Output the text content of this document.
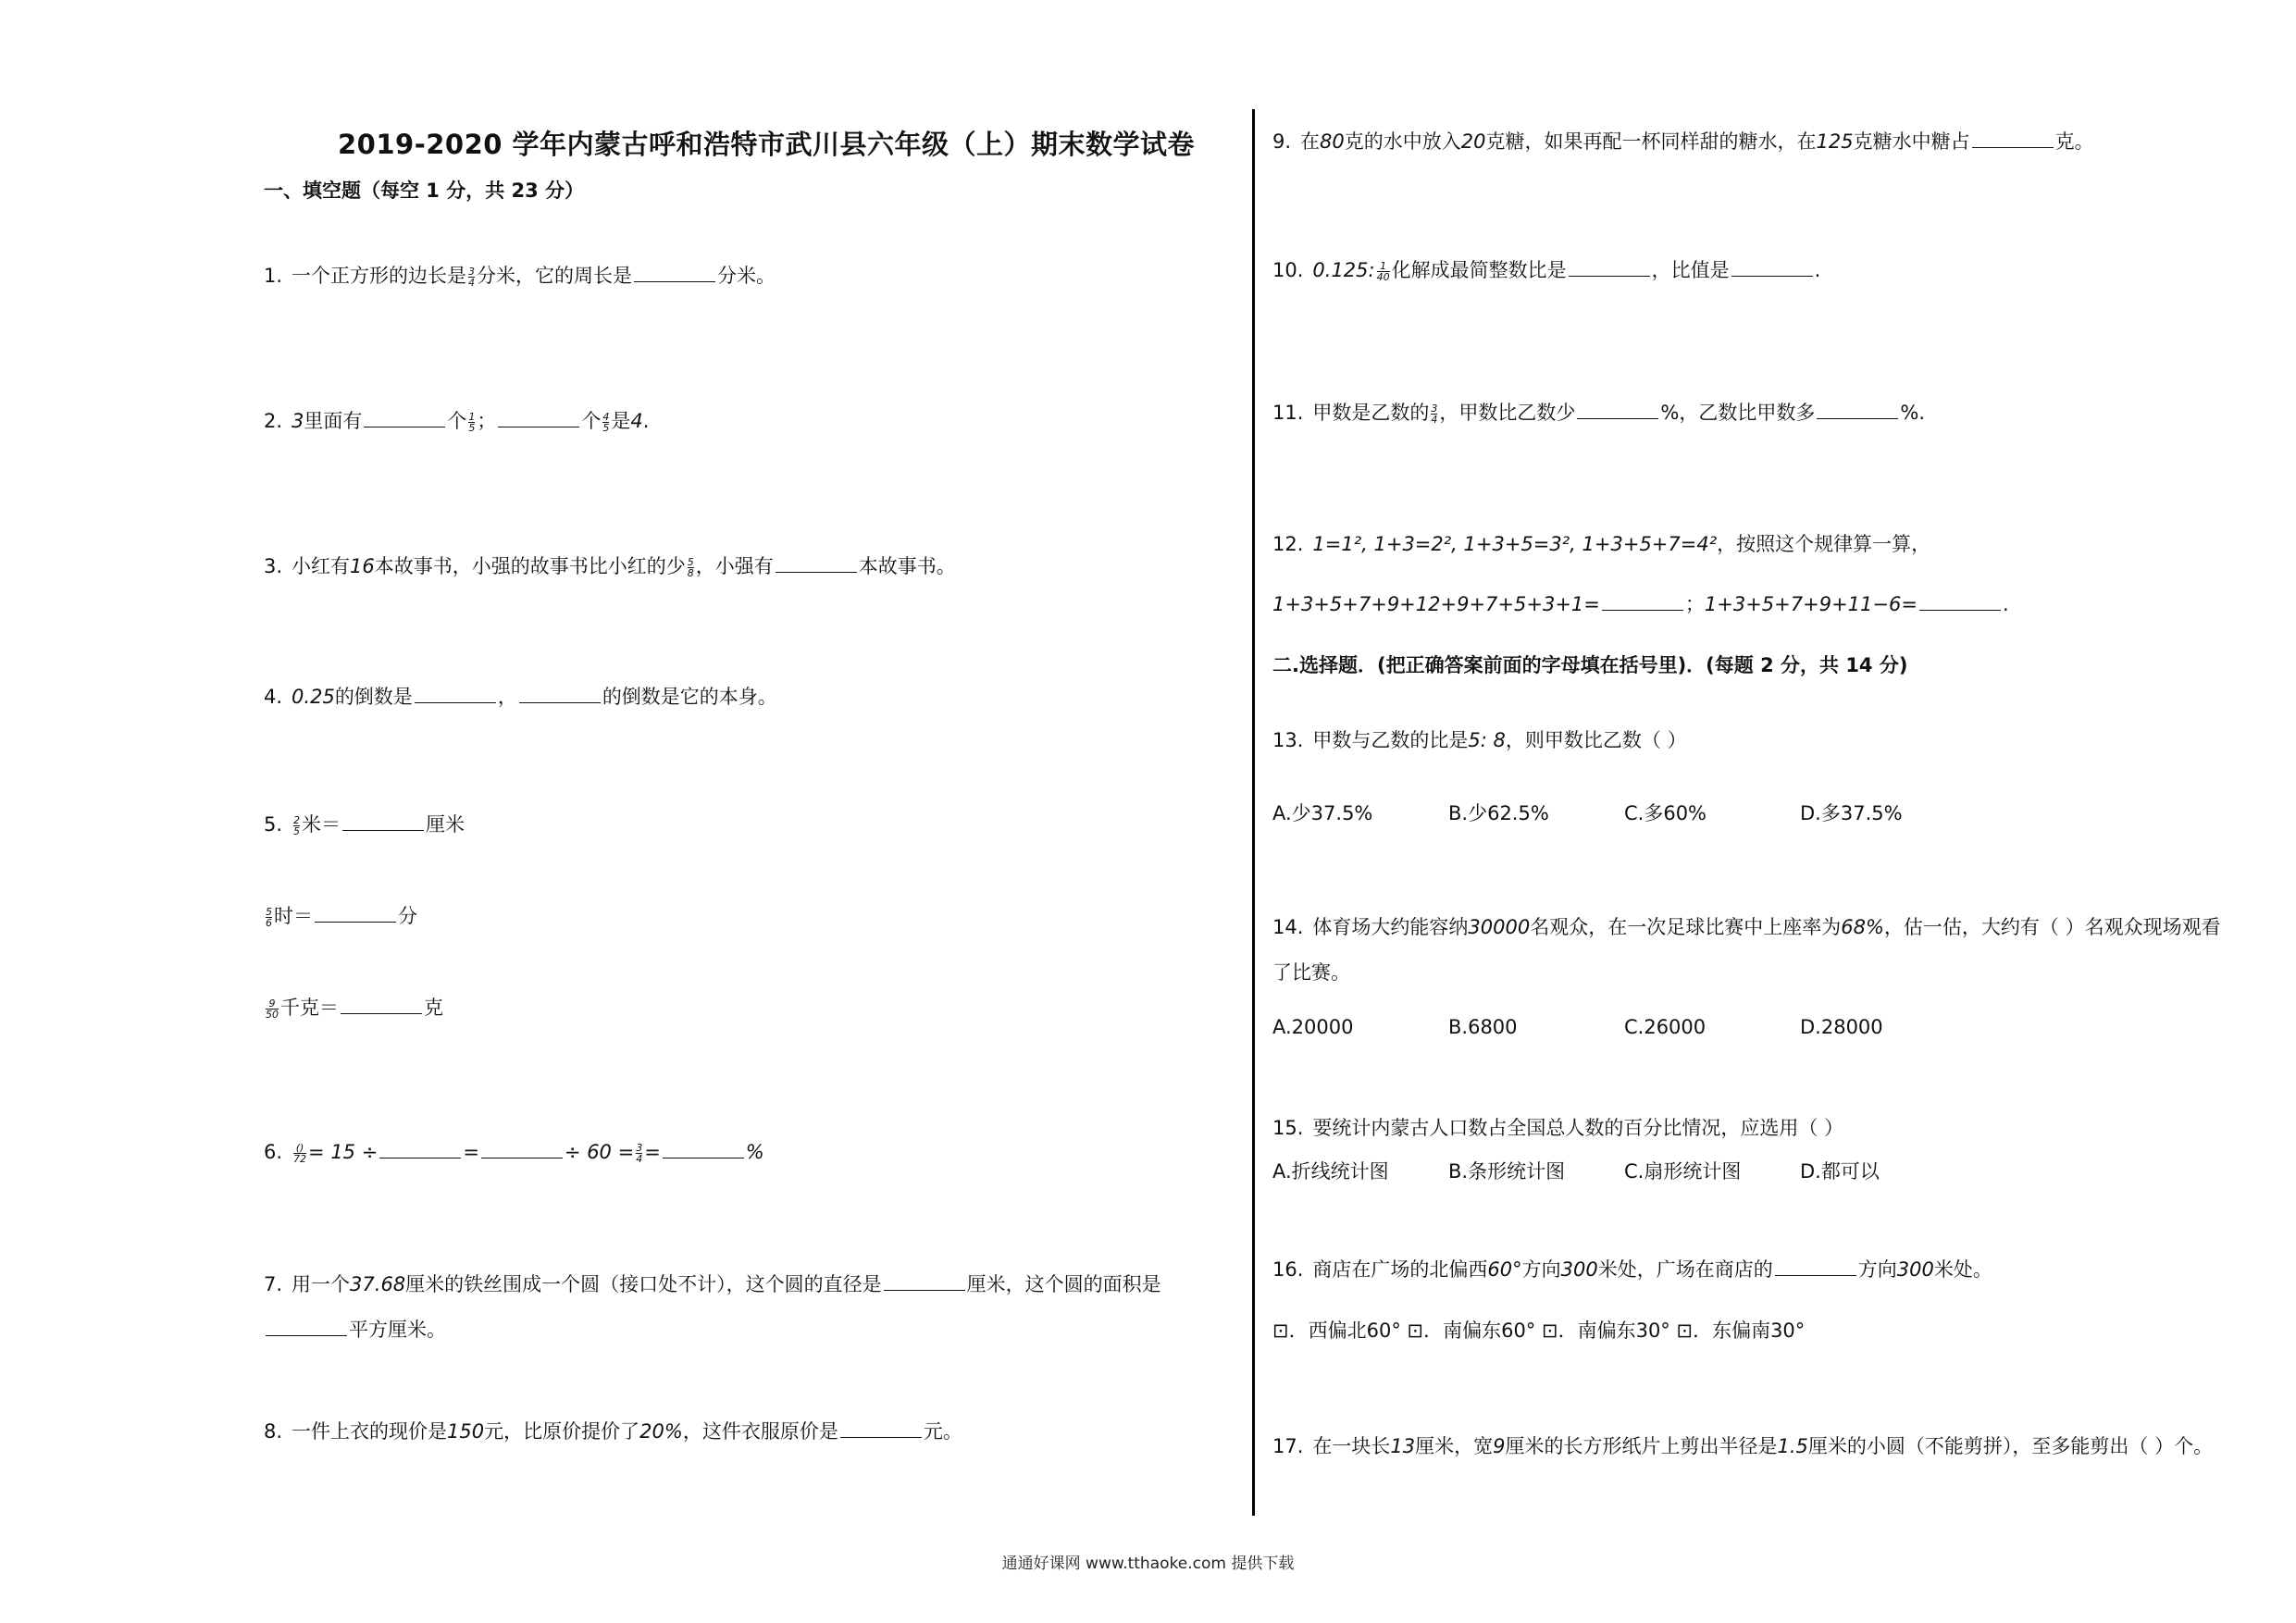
2019-2020 学年内蒙古呼和浩特市武川县六年级（上）期末数学试卷
一、填空题（每空 1 分，共 23 分）
1. 一个正方形的边长是 $\frac{3}{4}$ 分米，它的周长是	分米。
2. 3里面有	个 $\frac{1}{5}$ ；	个 $\frac{4}{5}$ 是4.
3. 小红有16本故事书，小强的故事书比小红的少 $\frac{5}{8}$ ，小强有	本故事书。
4. 0.25的倒数是	，	的倒数是它的本身。
5. $\frac{2}{5}$ 米＝	厘米
$\frac{5}{6}$ 时＝	分
$\frac{9}{50}$ 千克＝	克
6. $\frac{()}{72} = 15$ ÷	=	÷ $60 = \frac{3}{4}$ =	%
7. 用一个37.68厘米的铁丝围成一个圆（接口处不计），这个圆的直径是	厘米，这个圆的面积是
平方厘米。
8. 一件上衣的现价是150元，比原价提价了20%，这件衣服原价是	元。
9. 在80克的水中放入20克糖，如果再配一杯同样甜的糖水，在125克糖水中糖占	克。
10. 0.125: $\frac{1}{40}$ 化解成最简整数比是	，比值是	.
11. 甲数是乙数的 $\frac{3}{4}$ ，甲数比乙数少	%，乙数比甲数多	%.
12. 1=1², 1+3=2², 1+3+5=3², 1+3+5+7=4²，按照这个规律算一算，
1+3+5+7+9+12+9+7+5+3+1=	；1+3+5+7+9+11−6=	.
二.选择题．(把正确答案前面的字母填在括号里)．(每题 2 分，共 14 分)
13. 甲数与乙数的比是5: 8，则甲数比乙数（ ）
A.少37.5%	B.少62.5%	C.多60%	D.多37.5%
14. 体育场大约能容纳30000名观众，在一次足球比赛中上座率为68%，估一估，大约有（ ）名观众现场观看
了比赛。
A.20000	B.6800	C.26000	D.28000
15. 要统计内蒙古人口数占全国总人数的百分比情况，应选用（ ）
A.折线统计图	B.条形统计图	C.扇形统计图	D.都可以
16. 商店在广场的北偏西60°方向300米处，广场在商店的	方向300米处。
⊡．西偏北60° ⊡．南偏东60° ⊡．南偏东30° ⊡．东偏南30°
17. 在一块长13厘米，宽9厘米的长方形纸片上剪出半径是1.5厘米的小圆（不能剪拼），至多能剪出（ ）个。
通通好课网 www.tthaoke.com 提供下载
